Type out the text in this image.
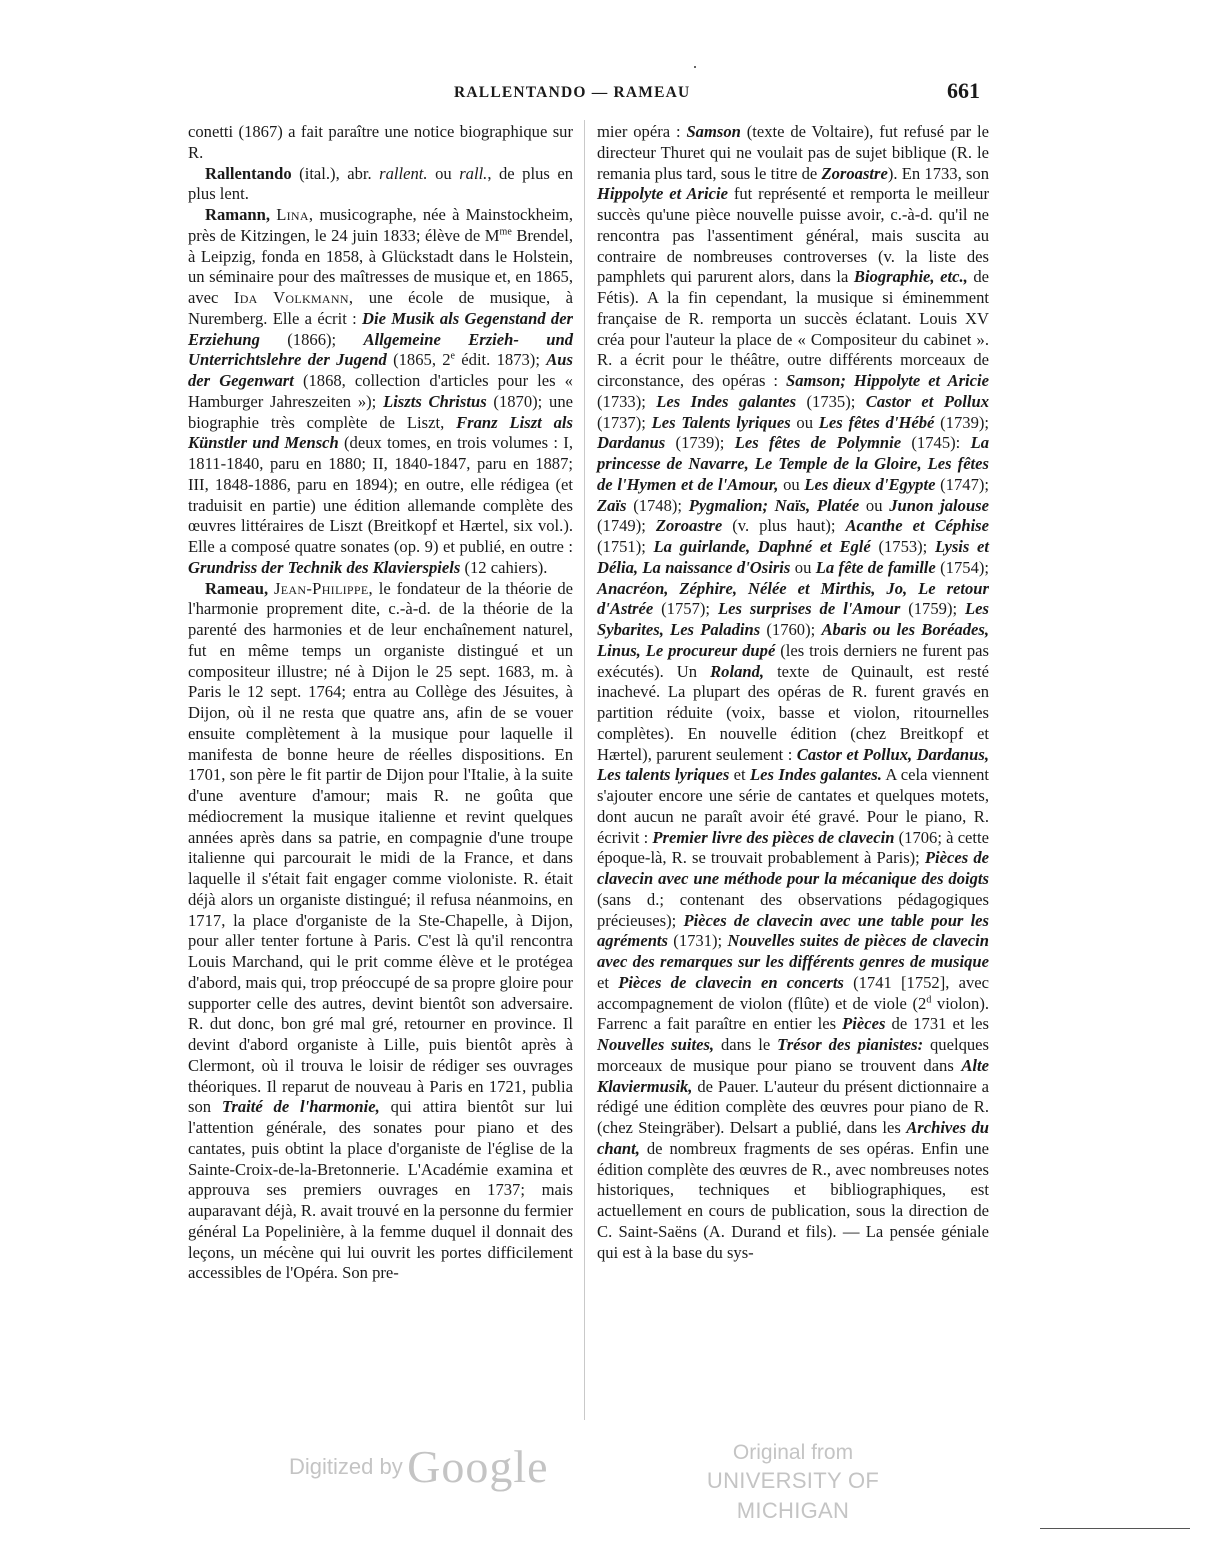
RALLENTANDO — RAMEAU	661

conetti (1867) a fait paraître une notice biographique sur R.

Rallentando (ital.), abr. rallent. ou rall., de plus en plus lent.

Ramann, Lina, musicographe, née à Mainstockheim, près de Kitzingen, le 24 juin 1833; élève de $M^{me}$ Brendel, à Leipzig, fonda en 1858, à Glückstadt dans le Holstein, un séminaire pour des maîtresses de musique et, en 1865, avec Ida Volkmann, une école de musique, à Nuremberg. Elle a écrit : Die Musik als Gegenstand der Erziehung (1866); Allgemeine Erzieh- und Unterrichtslehre der Jugend (1865, 2e édit. 1873); Aus der Gegenwart (1868, collection d'articles pour les « Hamburger Jahreszeiten »); Liszts Christus (1870); une biographie très complète de Liszt, Franz Liszt als Künstler und Mensch (deux tomes, en trois volumes : I, 1811-1840, paru en 1880; II, 1840-1847, paru en 1887; III, 1848-1886, paru en 1894); en outre, elle rédigea (et traduisit en partie) une édition allemande complète des œuvres littéraires de Liszt (Breitkopf et Hærtel, six vol.). Elle a composé quatre sonates (op. 9) et publié, en outre : Grundriss der Technik des Klavierspiels (12 cahiers).

Rameau, Jean-Philippe, le fondateur de la théorie de l'harmonie proprement dite, c.-à-d. de la théorie de la parenté des harmonies et de leur enchaînement naturel, fut en même temps un organiste distingué et un compositeur illustre; né à Dijon le 25 sept. 1683, m. à Paris le 12 sept. 1764; entra au Collège des Jésuites, à Dijon, où il ne resta que quatre ans, afin de se vouer ensuite complètement à la musique pour laquelle il manifesta de bonne heure de réelles dispositions. En 1701, son père le fit partir de Dijon pour l'Italie, à la suite d'une aventure d'amour; mais R. ne goûta que médiocrement la musique italienne et revint quelques années après dans sa patrie, en compagnie d'une troupe italienne qui parcourait le midi de la France, et dans laquelle il s'était fait engager comme violoniste. R. était déjà alors un organiste distingué; il refusa néanmoins, en 1717, la place d'organiste de la Ste-Chapelle, à Dijon, pour aller tenter fortune à Paris. C'est là qu'il rencontra Louis Marchand, qui le prit comme élève et le protégea d'abord, mais qui, trop préoccupé de sa propre gloire pour supporter celle des autres, devint bientôt son adversaire. R. dut donc, bon gré mal gré, retourner en province. Il devint d'abord organiste à Lille, puis bientôt après à Clermont, où il trouva le loisir de rédiger ses ouvrages théoriques. Il reparut de nouveau à Paris en 1721, publia son Traité de l'harmonie, qui attira bientôt sur lui l'attention générale, des sonates pour piano et des cantates, puis obtint la place d'organiste de l'église de la Sainte-Croix-de-la-Bretonnerie. L'Académie examina et approuva ses premiers ouvrages en 1737; mais auparavant déjà, R. avait trouvé en la personne du fermier général La Popelinière, à la femme duquel il donnait des leçons, un mécène qui lui ouvrit les portes difficilement accessibles de l'Opéra. Son pre-

mier opéra : Samson (texte de Voltaire), fut refusé par le directeur Thuret qui ne voulait pas de sujet biblique (R. le remania plus tard, sous le titre de Zoroastre). En 1733, son Hippolyte et Aricie fut représenté et remporta le meilleur succès qu'une pièce nouvelle puisse avoir, c.-à-d. qu'il ne rencontra pas l'assentiment général, mais suscita au contraire de nombreuses controverses (v. la liste des pamphlets qui parurent alors, dans la Biographie, etc., de Fétis). A la fin cependant, la musique si éminemment française de R. remporta un succès éclatant. Louis XV créa pour l'auteur la place de « Compositeur du cabinet ». R. a écrit pour le théâtre, outre différents morceaux de circonstance, des opéras : Samson; Hippolyte et Aricie (1733); Les Indes galantes (1735); Castor et Pollux (1737); Les Talents lyriques ou Les fêtes d'Hébé (1739); Dardanus (1739); Les fêtes de Polymnie (1745): La princesse de Navarre, Le Temple de la Gloire, Les fêtes de l'Hymen et de l'Amour, ou Les dieux d'Egypte (1747); Zaïs (1748); Pygmalion; Naïs, Platée ou Junon jalouse (1749); Zoroastre (v. plus haut); Acanthe et Céphise (1751); La guirlande, Daphné et Eglé (1753); Lysis et Délia, La naissance d'Osiris ou La fête de famille (1754); Anacréon, Zéphire, Nélée et Mirthis, Jo, Le retour d'Astrée (1757); Les surprises de l'Amour (1759); Les Sybarites, Les Paladins (1760); Abaris ou les Boréades, Linus, Le procureur dupé (les trois derniers ne furent pas exécutés). Un Roland, texte de Quinault, est resté inachevé. La plupart des opéras de R. furent gravés en partition réduite (voix, basse et violon, ritournelles complètes). En nouvelle édition (chez Breitkopf et Hærtel), parurent seulement : Castor et Pollux, Dardanus, Les talents lyriques et Les Indes galantes. A cela viennent s'ajouter encore une série de cantates et quelques motets, dont aucun ne paraît avoir été gravé. Pour le piano, R. écrivit : Premier livre des pièces de clavecin (1706; à cette époque-là, R. se trouvait probablement à Paris); Pièces de clavecin avec une méthode pour la mécanique des doigts (sans d.; contenant des observations pédagogiques précieuses); Pièces de clavecin avec une table pour les agréments (1731); Nouvelles suites de pièces de clavecin avec des remarques sur les différents genres de musique et Pièces de clavecin en concerts (1741 [1752], avec accompagnement de violon (flûte) et de viole (2$^d$ violon). Farrenc a fait paraître en entier les Pièces de 1731 et les Nouvelles suites, dans le Trésor des pianistes: quelques morceaux de musique pour piano se trouvent dans Alte Klaviermusik, de Pauer. L'auteur du présent dictionnaire a rédigé une édition complète des œuvres pour piano de R. (chez Steingräber). Delsart a publié, dans les Archives du chant, de nombreux fragments de ses opéras. Enfin une édition complète des œuvres de R., avec nombreuses notes historiques, techniques et bibliographiques, est actuellement en cours de publication, sous la direction de C. Saint-Saëns (A. Durand et fils). — La pensée géniale qui est à la base du sys-

Digitized by Google	Original from
UNIVERSITY OF MICHIGAN
